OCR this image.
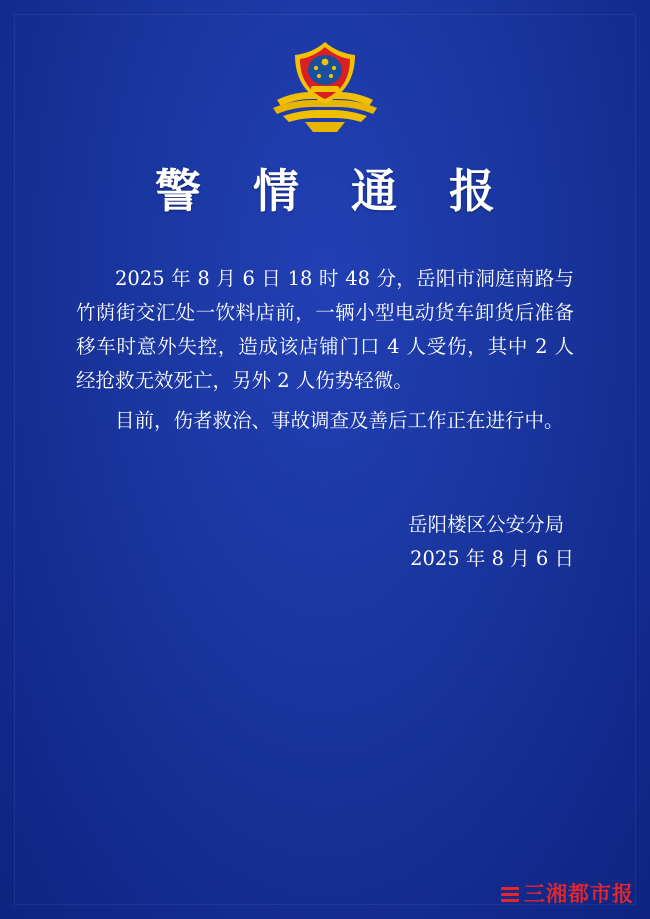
警 情 通 报

2025 年 8 月 6 日 18 时 48 分，岳阳市洞庭南路与竹荫街交汇处一饮料店前，一辆小型电动货车卸货后准备移车时意外失控，造成该店铺门口 4 人受伤，其中 2 人经抢救无效死亡，另外 2 人伤势轻微。

目前，伤者救治、事故调查及善后工作正在进行中。

岳阳楼区公安分局
2025 年 8 月 6 日
三湘都市报
